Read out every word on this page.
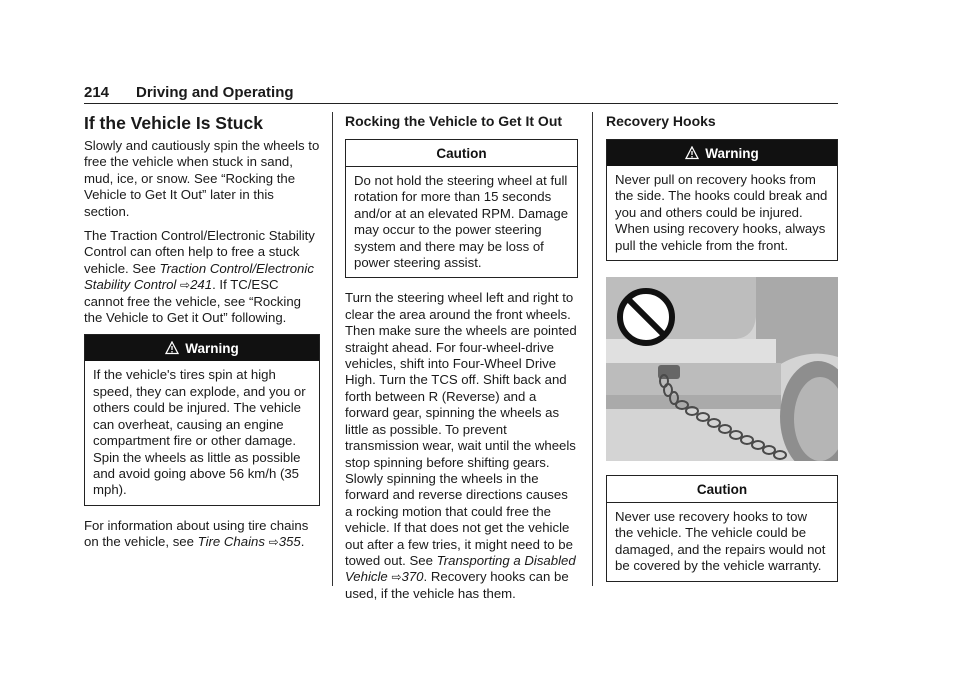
214 Driving and Operating
If the Vehicle Is Stuck

Slowly and cautiously spin the wheels to free the vehicle when stuck in sand, mud, ice, or snow. See “Rocking the Vehicle to Get It Out” later in this section.

The Traction Control/Electronic Stability Control can often help to free a stuck vehicle. See Traction Control/Electronic Stability Control ⇨241. If TC/ESC cannot free the vehicle, see “Rocking the Vehicle to Get it Out” following.

Warning
If the vehicle's tires spin at high speed, they can explode, and you or others could be injured. The vehicle can overheat, causing an engine compartment fire or other damage. Spin the wheels as little as possible and avoid going above 56 km/h (35 mph).

For information about using tire chains on the vehicle, see Tire Chains ⇨355.

Rocking the Vehicle to Get It Out
Caution
Do not hold the steering wheel at full rotation for more than 15 seconds and/or at an elevated RPM. Damage may occur to the power steering system and there may be loss of power steering assist.

Turn the steering wheel left and right to clear the area around the front wheels. Then make sure the wheels are pointed straight ahead. For four-wheel-drive vehicles, shift into Four-Wheel Drive High. Turn the TCS off. Shift back and forth between R (Reverse) and a forward gear, spinning the wheels as little as possible. To prevent transmission wear, wait until the wheels stop spinning before shifting gears. Slowly spinning the wheels in the forward and reverse directions causes a rocking motion that could free the vehicle. If that does not get the vehicle out after a few tries, it might need to be towed out. See Transporting a Disabled Vehicle ⇨370. Recovery hooks can be used, if the vehicle has them.

Recovery Hooks
Warning
Never pull on recovery hooks from the side. The hooks could break and you and others could be injured. When using recovery hooks, always pull the vehicle from the front.
Caution
Never use recovery hooks to tow the vehicle. The vehicle could be damaged, and the repairs would not be covered by the vehicle warranty.
